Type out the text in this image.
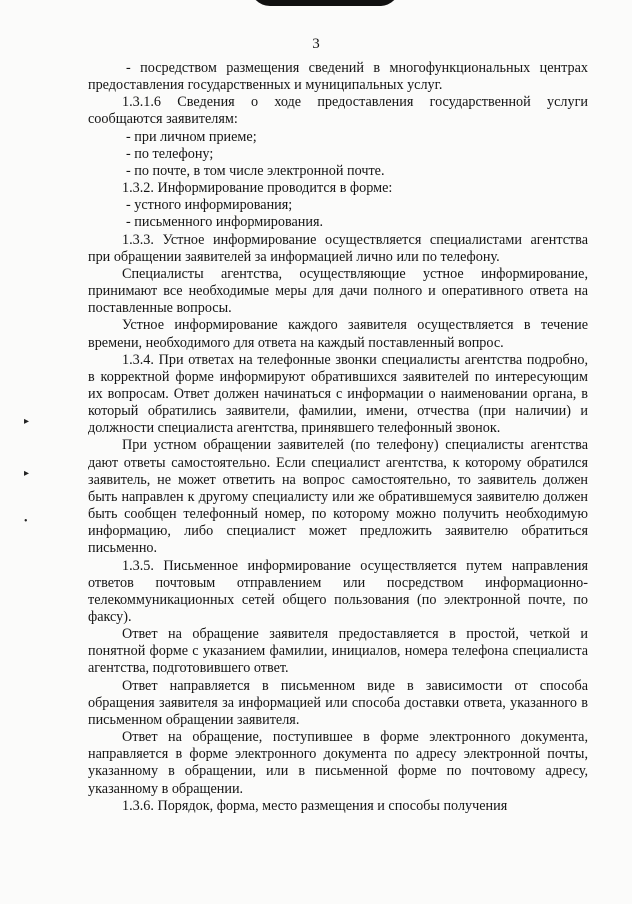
3
▸
▸
•

- посредством размещения сведений в многофункциональных центрах предоставления государственных и муниципальных услуг.

1.3.1.6 Сведения о ходе предоставления государственной услуги сообщаются заявителям:

- при личном приеме;

- по телефону;

- по почте, в том числе электронной почте.

1.3.2. Информирование проводится в форме:

- устного информирования;

- письменного информирования.

1.3.3. Устное информирование осуществляется специалистами агентства при обращении заявителей за информацией лично или по телефону.

Специалисты агентства, осуществляющие устное информирование, принимают все необходимые меры для дачи полного и оперативного ответа на поставленные вопросы.

Устное информирование каждого заявителя осуществляется в течение времени, необходимого для ответа на каждый поставленный вопрос.

1.3.4. При ответах на телефонные звонки специалисты агентства подробно, в корректной форме информируют обратившихся заявителей по интересующим их вопросам. Ответ должен начинаться с информации о наименовании органа, в который обратились заявители, фамилии, имени, отчества (при наличии) и должности специалиста агентства, принявшего телефонный звонок.

При устном обращении заявителей (по телефону) специалисты агентства дают ответы самостоятельно. Если специалист агентства, к которому обратился заявитель, не может ответить на вопрос самостоятельно, то заявитель должен быть направлен к другому специалисту или же обратившемуся заявителю должен быть сообщен телефонный номер, по которому можно получить необходимую информацию, либо специалист может предложить заявителю обратиться письменно.

1.3.5. Письменное информирование осуществляется путем направления ответов почтовым отправлением или посредством информационно-телекоммуникационных сетей общего пользования (по электронной почте, по факсу).

Ответ на обращение заявителя предоставляется в простой, четкой и понятной форме с указанием фамилии, инициалов, номера телефона специалиста агентства, подготовившего ответ.

Ответ направляется в письменном виде в зависимости от способа обращения заявителя за информацией или способа доставки ответа, указанного в письменном обращении заявителя.

Ответ на обращение, поступившее в форме электронного документа, направляется в форме электронного документа по адресу электронной почты, указанному в обращении, или в письменной форме по почтовому адресу, указанному в обращении.

1.3.6. Порядок, форма, место размещения и способы получения
